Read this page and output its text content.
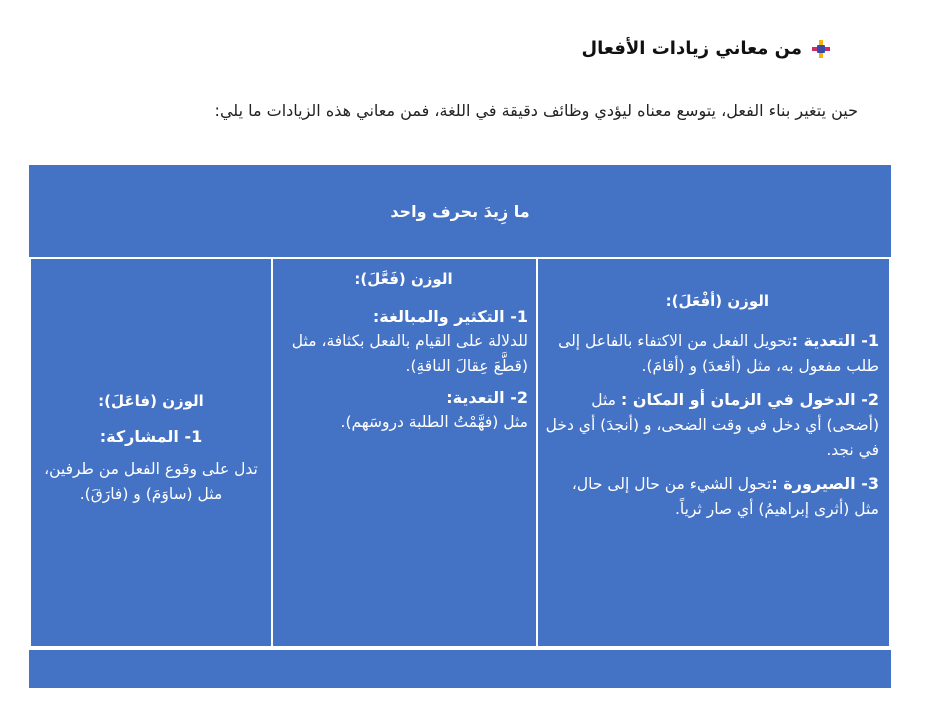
من معاني زيادات الأفعال
حين يتغير بناء الفعل، يتوسع معناه ليؤدي وظائف دقيقة في اللغة، فمن معاني هذه الزيادات ما يلي:
ما زِيدَ بحرف واحد
الوزن (أفْعَلَ):

1- التعدية :تحويل الفعل من الاكتفاء بالفاعل إلى طلب مفعول به، مثل (أقعدَ) و (أقامَ).

2- الدخول في الزمان أو المكان : مثل (أضحى) أي دخل في وقت الضحى، و (أنجدَ) أي دخل في نجد.

3- الصيرورة :تحول الشيء من حال إلى حال، مثل (أثرى إبراهيمُ) أي صار ثرياً.

الوزن (فَعَّلَ):
1- التكثير والمبالغة:

للدلالة على القيام بالفعل بكثافة، مثل (قطَّعَ عِقالَ الناقةِ).

2- التعدية:

مثل (فهَّمْتُ الطلبة دروسَهم).

الوزن (فاعَلَ):
1- المشاركة:

تدل على وقوع الفعل من طرفين، مثل (ساوَمَ) و (فارَقَ).
